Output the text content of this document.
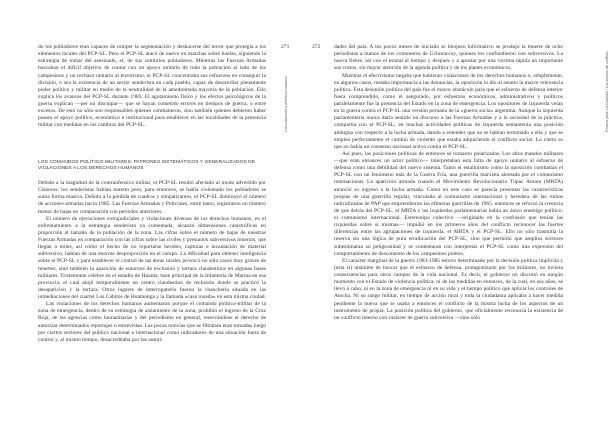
271
Los violaciones a derechos humanos

do los pobladores eran capaces de romper la segmentación y deshacerse del terror que protegía a los elementos locales del PCP-SL. Pero el PCP-SL atacó de nuevo en marchas sobre huelas, siguiendo la estrategia de tomar del asesinado, ei, de sus sombríos pobladores. Mientras las Fuerzas Armadas buscaban el difícil objetivo de contar con un apoyo unitario de toda la población al lado de los campesinos y un rechazo unitario al terrorismo, el PCP-SL concentraba sus esfuerzos en conseguir la división, o sea la existencia de un sector senderista en cada pueblo, capaz de desarrollar plenamente poder político y militar en medio de la neutralidad de la amedrentada mayoría de la población. Ello explica los avances del PCP-SL durante 1983. El agotamiento físico y los efectos psicológicos de la guerra explican —per no disculpar— que se hayan cometido errores en tiempos de guerra, o entre excesos. De esto no sólo son responsables quienes combatieron, sino también quienes debieron haber puesto el apoyo político, económico e institucional para establecer en las localidades de la presencia militar con medidas en los cambios del PCP-SL.

LOS COMANDOS POLÍTICO-MILITARES: PATRONES SISTEMÁTICOS Y GENERALIZADOS DE VIOLACIONES A LOS DERECHOS HUMANOS

Debido a la magnitud de la contraofensiva militar, el PCP-SL resultó afectado al modo advertido por Cisneros: los senderistas habían muerto pero, para entonces, se había violentado los pobladores se suma forma masiva. Debido a la pérdida de cuadros y simpatizantes, el PCP-SL dominuyó el número de acciones armadas hacia 1985. Las Fuerzas Armadas y Policiales, entre tanto, registraron un número menor de bajas en comparación con periodos anteriores.

El número de ejecuciones extrajudiciales y violaciones diversas de los derechos humanos, en el enfrentamiento a la estrategia senderista ya comentada, alcanzó dimensiones catastróficas en proporción al tamaño de la población de la zona. Las cifras sobre el número de bajas de nuestras Fuerzas Armadas en comparación con las cifras sobre las civiles y presuntos subversivos muertos, que llegan a miles, así como el hecho de no reportarse heridos, capturas e incautación de material subversivo, hablan de una enorme desproporción en el campo. La dificultad para obtener inteligencia sobre el PCP-SL y para establecer el control de las áreas rurales provocó no sólo casos muy graves de muertes, sino también la aparición de entornos de exclusión y tortura clandestinos en algunas bases militares. Tristemente célebre en el estadio de Huanta, base principal de la Infantería de Marina en esa provincia, el cual alojó temporalmente un centro clandestino de reclusión donde se practicó la desaparición y la tortura. Otros lugares de interrogatorio fueron la chanchería situada en las inmediaciones del cuartel Los Cabitos de Huamanga y la llamada «casa rosada» en esta misma ciudad.

Las violaciones de los derechos humanos aumentaron porque el comando político-militar de la zona de emergencia, dentro de su estrategia de aislamiento de la zona, prohibió el ingreso de la Cruz Roja, de las agencias como humanitarias y del periodismo en general, reservándose el derecho de autorizar determinados reportajes o entrevistas. Las pocas noticias que se filtraban eran tomadas luego por ciertos sectores del público nacional e internacional como indicadores de una situación fuera de control y, al mismo tiempo, desacreditaba por las autori-

Primera parte: La Comisión / Los actores del conflicto

dades del país. A los pocos meses de iniciado se bloqueo informativo se produjo la muerte de ocho periodistas a manos de los comuneros de Uchuraccay, quienes los confundieron con subversivos. La nueva fiebre, así con el estatal al tiempo y después y a apostar por una víctima rápida un importante sus costos, sin mayor atención de la agenda política y de los planes económicos.

Mientras el efectivismo negaba que hubieran violaciones de los derechos humanos o, simplemente, en algunos casos, restaba importancia a las denuncias, la oposición lo dio al asunto la mayor relevancia política. Esta desunión política del país fue el mayor obstáculo para que el esfuerzo de defensa interior fuera comprendido, como el asegurado, por esfuerzos económicos, administrativos y políticos paralelamente fue la presencia del Estado en la zona de emergencia. Los opositores de izquierda veían en la guerra contra el PCP-SL una versión peruana de la «guerra sucia» argentina. Aunque la izquierda parlamentaria nunca darla sentido un discurso a las Fuerzas Armadas y a la sociedad de la práctica, compartía con el PCP-SL, en muchas actividades políticas de izquierda semantenía una posición ambigua con respecto a la lucha armada, dando a entender que no se habían terminado a ella y que se emplea perfectamente el cambio de violento que estaba adquiriendo el conflicto social. Lo cierto es que no había un consenso nacional activo contra el PCP-SL.

Así pues, las posiciones políticas de entonces se tornaron polarizadas. Los altos mandos militares —que eran entonces un actor político— interpretaban esta falta de apoyo unitario al esfuerzo de defensa como una debilidad del nuevo sistema. Tanto el estalinismo como la oposición combatían el PCP-SL con un fenómeno más de la Guerra Fría, una guerrilla marxista alentada por el comunismo internacional. La aparición armada cuando el Movimiento Revolucionario Túpac Amaru (MRTA) anunció su ingreso a la lucha armada. Como en este caso se parecía presentar las características propias de una guerrilla regular, vinculada al comunismo internacional y heredera de las rumas radicalizadas de PAP que emprendieron las efímeras guerrillas de 1965, entonces se reforzó la creencia de que detrás del PCP-SL, el MRTA y las izquierdas parlamentarias había un único enemigo político: el comunismo internacional. Estereotipo colectivo —originado en la confusión que tenían las izquierdas sobre sí mismas— impidió en los primeros años del conflicto reconocer las fuertes diferencias entre las agrupaciones de izquierda, el MRTA y el PCP-SL. Ello no sólo trasmitía la reserva sin una lógica de pura erradicación del PCP-SL, sino que permitió que amplios sectores subestimaran su peligrosidad y se contentaran con interpretar el PCP-SL como una expresión del comportamiento de descontento de los campesinos pobres.

El carácter marginal de la guerra 1983-1985 estuvo determinado por la decisión política implícita y (esta si) unánime de buscar que el esfuerzo de defensa, protagonizado por los militares, no tuviera consecuencias para otros campos de la vida nacional. Es decir, el gobierno no discutió en ningún momento con el Estado de violencia política, ni de las medidas en entonces, de la cual, en sus años, se llevó a cabo, ni en la zona de emergencia ni en su vida y el tiempo político que aplicar los controles de Atocha. Ni su rango militar, en tiempo de acción rural y toda la ciudadanía aplicaba a hacer medida pendiente la nueva que se usaba a entonces el conflicto de la misma lucha de los aspectos de un instrumento de propia. La posición política del gobierno, que oficialmente reconocía la existencia de un conflicto interno con carácter de guerra subversiva —sino sólo

272
